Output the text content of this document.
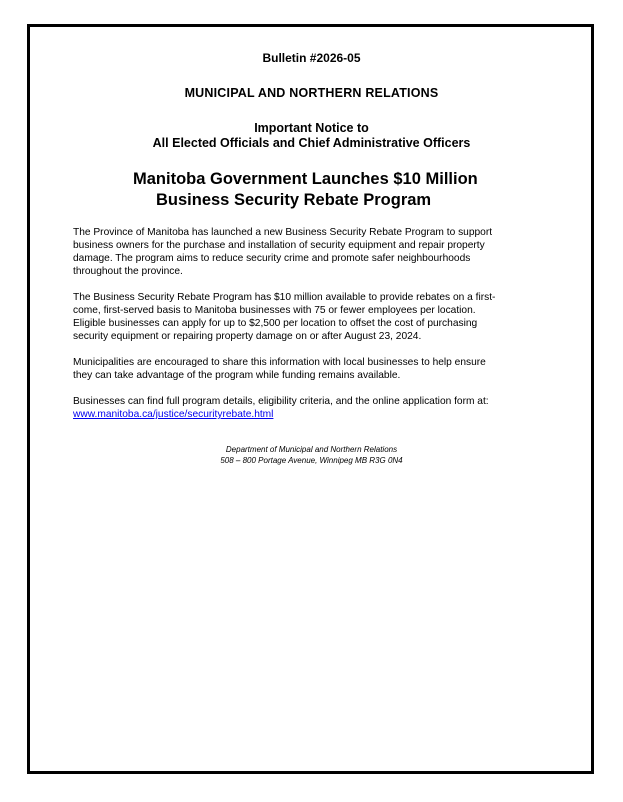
Bulletin #2026-05
MUNICIPAL AND NORTHERN RELATIONS
Important Notice to
All Elected Officials and Chief Administrative Officers
Manitoba Government Launches $10 Million
Business Security Rebate Program

The Province of Manitoba has launched a new Business Security Rebate Program to support
business owners for the purchase and installation of security equipment and repair property
damage. The program aims to reduce security crime and promote safer neighbourhoods
throughout the province.

The Business Security Rebate Program has $10 million available to provide rebates on a first-
come, first-served basis to Manitoba businesses with 75 or fewer employees per location.
Eligible businesses can apply for up to $2,500 per location to offset the cost of purchasing
security equipment or repairing property damage on or after August 23, 2024.

Municipalities are encouraged to share this information with local businesses to help ensure
they can take advantage of the program while funding remains available.

Businesses can find full program details, eligibility criteria, and the online application form at:
www.manitoba.ca/justice/securityrebate.html

Department of Municipal and Northern Relations
508 – 800 Portage Avenue, Winnipeg MB R3G 0N4
